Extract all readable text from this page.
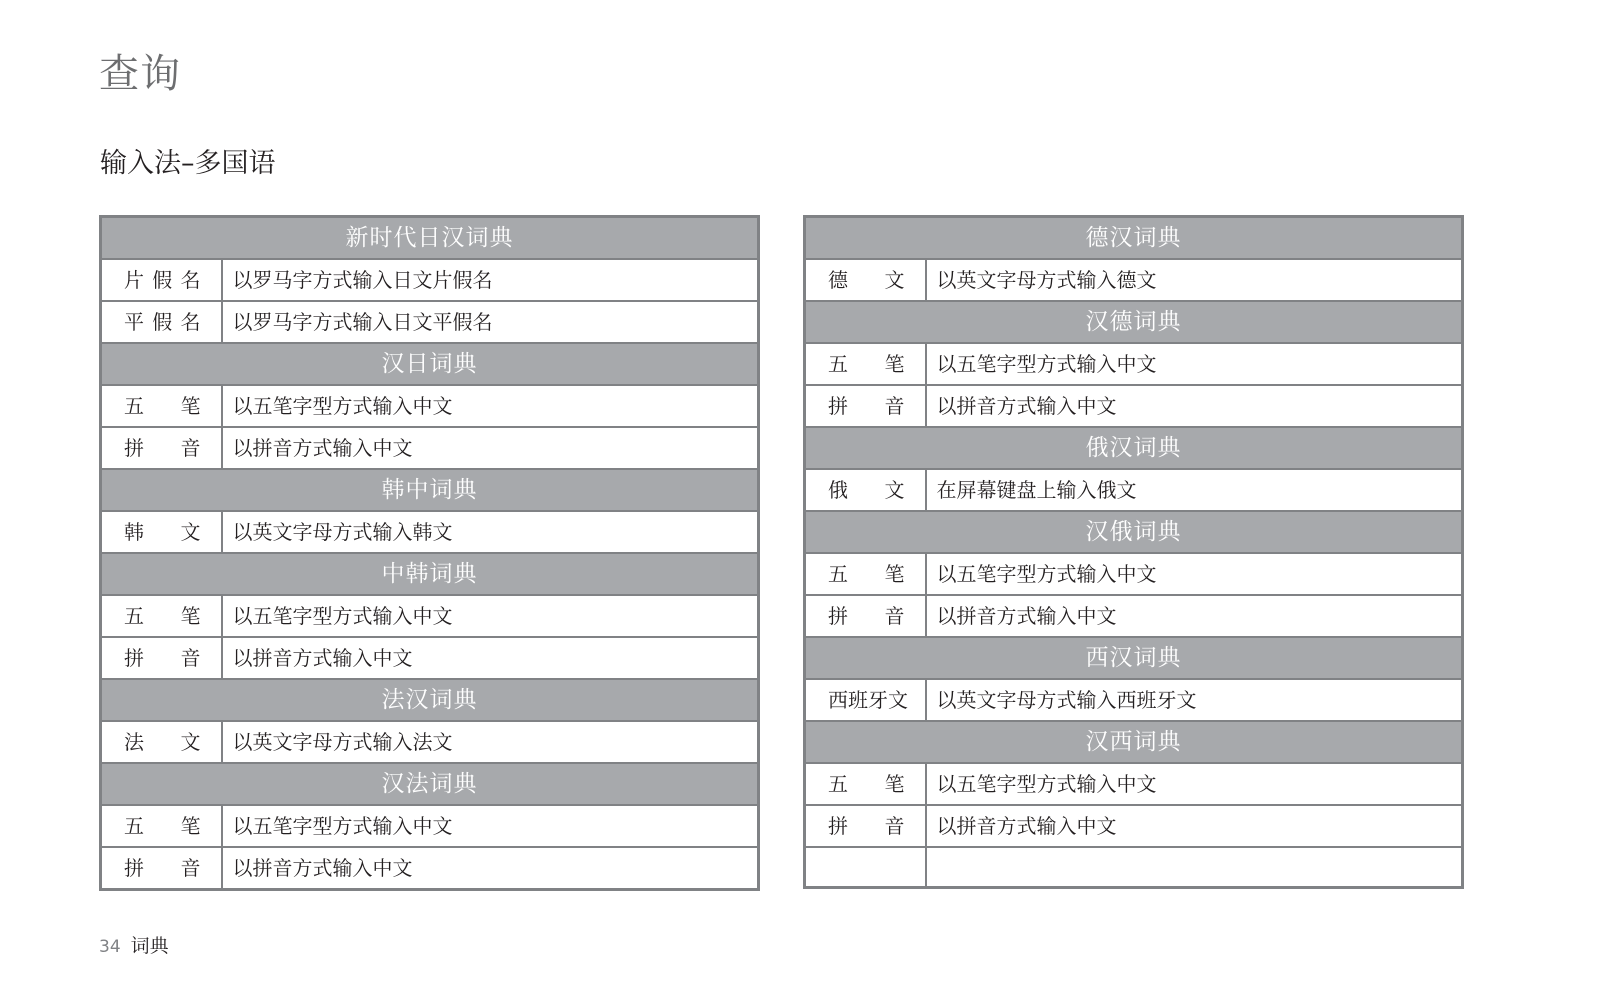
查询
输入法–多国语
新时代日汉词典	

片 假 名	以罗马字方式输入日文片假名

平 假 名	以罗马字方式输入日文平假名
汉日词典	

五 笔	以五笔字型方式输入中文

拼 音	以拼音方式输入中文
韩中词典	

韩 文	以英文字母方式输入韩文
中韩词典	

五 笔	以五笔字型方式输入中文

拼 音	以拼音方式输入中文
法汉词典	

法 文	以英文字母方式输入法文
汉法词典	

五 笔	以五笔字型方式输入中文

拼 音	以拼音方式输入中文
德汉词典	

德 文	以英文字母方式输入德文
汉德词典	

五 笔	以五笔字型方式输入中文

拼 音	以拼音方式输入中文
俄汉词典	

俄 文	在屏幕键盘上输入俄文
汉俄词典	

五 笔	以五笔字型方式输入中文

拼 音	以拼音方式输入中文
西汉词典	

西班牙文	以英文字母方式输入西班牙文
汉西词典	

五 笔	以五笔字型方式输入中文

拼 音	以拼音方式输入中文

34 词典
